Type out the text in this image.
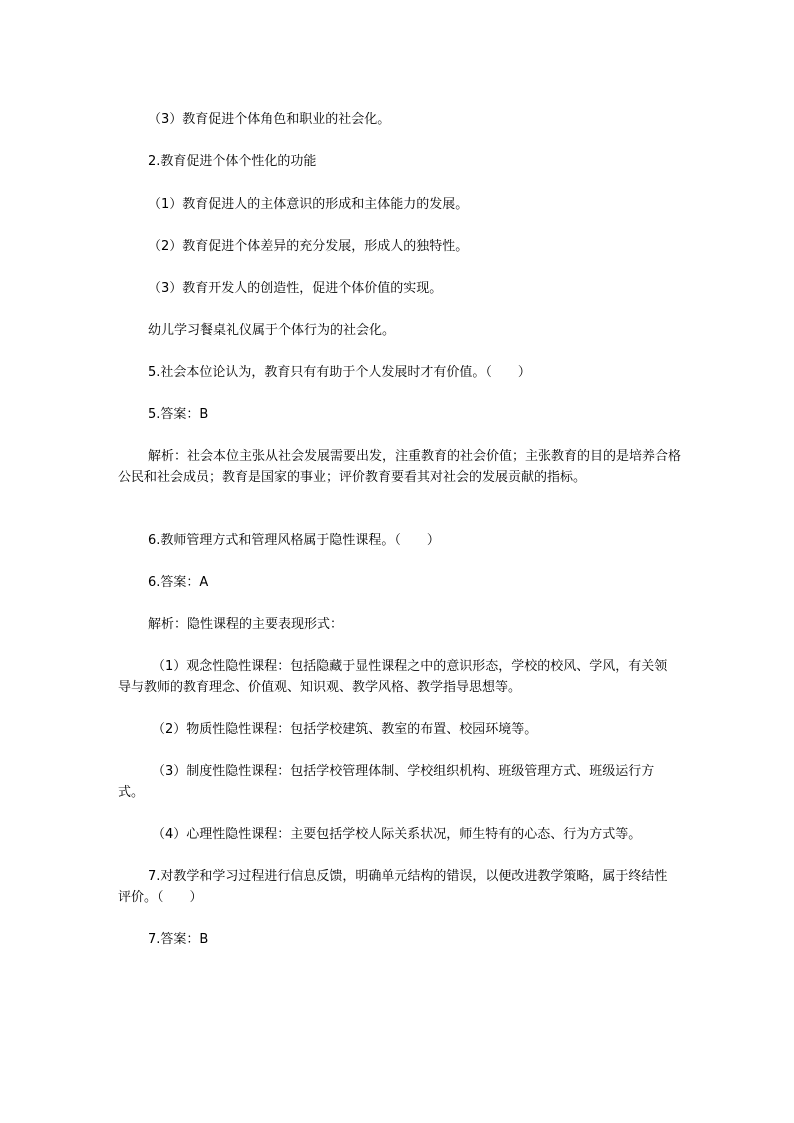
（3）教育促进个体角色和职业的社会化。

2.教育促进个体个性化的功能

（1）教育促进人的主体意识的形成和主体能力的发展。

（2）教育促进个体差异的充分发展，形成人的独特性。

（3）教育开发人的创造性，促进个体价值的实现。

幼儿学习餐桌礼仪属于个体行为的社会化。

5.社会本位论认为，教育只有有助于个人发展时才有价值。（　　）

5.答案：B

解析：社会本位主张从社会发展需要出发，注重教育的社会价值；主张教育的目的是培养合格公民和社会成员；教育是国家的事业；评价教育要看其对社会的发展贡献的指标。

6.教师管理方式和管理风格属于隐性课程。（　　）

6.答案：A

解析：隐性课程的主要表现形式：

（1）观念性隐性课程：包括隐藏于显性课程之中的意识形态，学校的校风、学风，有关领导与教师的教育理念、价值观、知识观、教学风格、教学指导思想等。

（2）物质性隐性课程：包括学校建筑、教室的布置、校园环境等。

（3）制度性隐性课程：包括学校管理体制、学校组织机构、班级管理方式、班级运行方式。

（4）心理性隐性课程：主要包括学校人际关系状况，师生特有的心态、行为方式等。

7.对教学和学习过程进行信息反馈，明确单元结构的错误，以便改进教学策略，属于终结性评价。（　　）

7.答案：B
